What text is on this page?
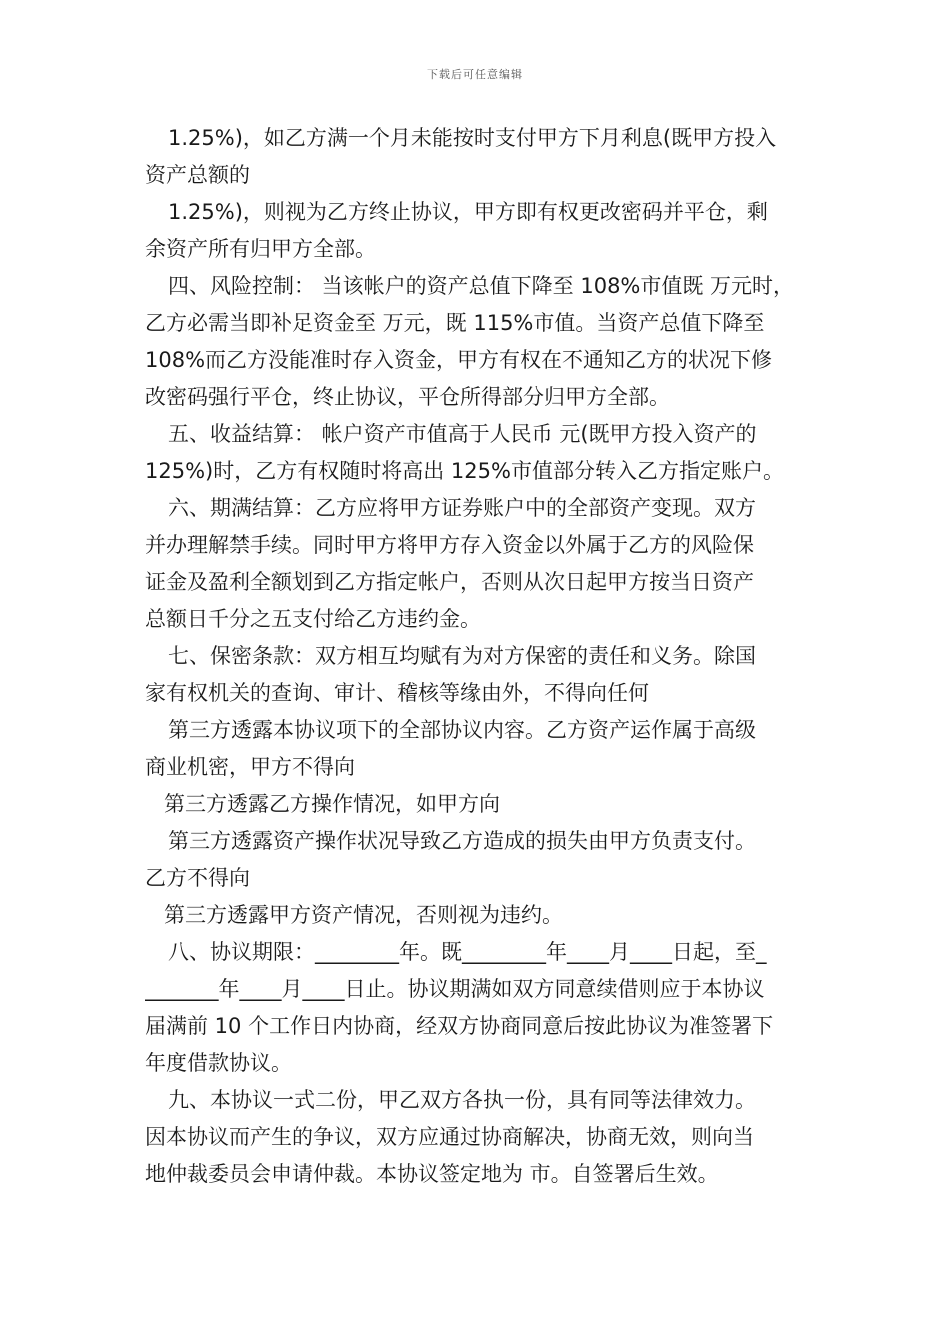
下载后可任意编辑
1.25%)，如乙方满一个月未能按时支付甲方下月利息(既甲方投入
资产总额的
1.25%)，则视为乙方终止协议，甲方即有权更改密码并平仓，剩
余资产所有归甲方全部。
四、风险控制： 当该帐户的资产总值下降至 108%市值既 万元时，
乙方必需当即补足资金至 万元，既 115%市值。当资产总值下降至
108%而乙方没能准时存入资金，甲方有权在不通知乙方的状况下修
改密码强行平仓，终止协议，平仓所得部分归甲方全部。
五、收益结算： 帐户资产市值高于人民币 元(既甲方投入资产的
125%)时，乙方有权随时将高出 125%市值部分转入乙方指定账户。
六、期满结算：乙方应将甲方证券账户中的全部资产变现。双方
并办理解禁手续。同时甲方将甲方存入资金以外属于乙方的风险保
证金及盈利全额划到乙方指定帐户，否则从次日起甲方按当日资产
总额日千分之五支付给乙方违约金。
七、保密条款：双方相互均赋有为对方保密的责任和义务。除国
家有权机关的查询、审计、稽核等缘由外，不得向任何
第三方透露本协议项下的全部协议内容。乙方资产运作属于高级
商业机密，甲方不得向
第三方透露乙方操作情况，如甲方向
第三方透露资产操作状况导致乙方造成的损失由甲方负责支付。
乙方不得向
第三方透露甲方资产情况，否则视为违约。
八、协议期限：________年。既________年____月____日起，至_
_______年____月____日止。协议期满如双方同意续借则应于本协议
届满前 10 个工作日内协商，经双方协商同意后按此协议为准签署下
年度借款协议。
九、本协议一式二份，甲乙双方各执一份，具有同等法律效力。
因本协议而产生的争议，双方应通过协商解决，协商无效，则向当
地仲裁委员会申请仲裁。本协议签定地为 市。自签署后生效。
